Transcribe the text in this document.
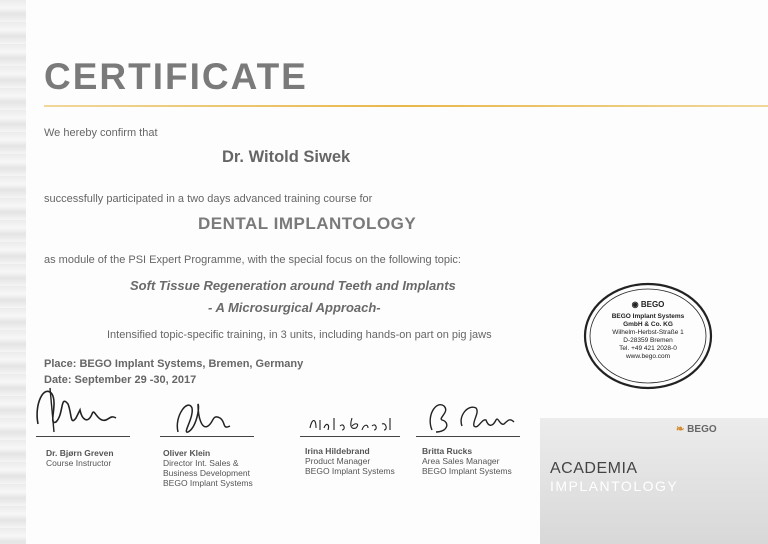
CERTIFICATE

We hereby confirm that

Dr. Witold Siwek

successfully participated in a two days advanced training course for

DENTAL IMPLANTOLOGY

as module of the PSI Expert Programme, with the special focus on the following topic:

Soft Tissue Regeneration around Teeth and Implants

- A Microsurgical Approach-

Intensified topic-specific training, in 3 units, including hands-on part on pig jaws

Place: BEGO Implant Systems, Bremen, Germany

Date: September 29 -30, 2017

Dr. Bjørn Greven
Course Instructor
Oliver Klein
Director Int. Sales &
Business Development
BEGO Implant Systems
Irina Hildebrand
Product Manager
BEGO Implant Systems
Britta Rucks
Area Sales Manager
BEGO Implant Systems

◉ BEGO

BEGO Implant Systems

GmbH & Co. KG

Wilhelm-Herbst-Straße 1

D-28359 Bremen

Tel. +49 421 2028-0

www.bego.com

❧ BEGO

ACADEMIA

IMPLANTOLOGY
